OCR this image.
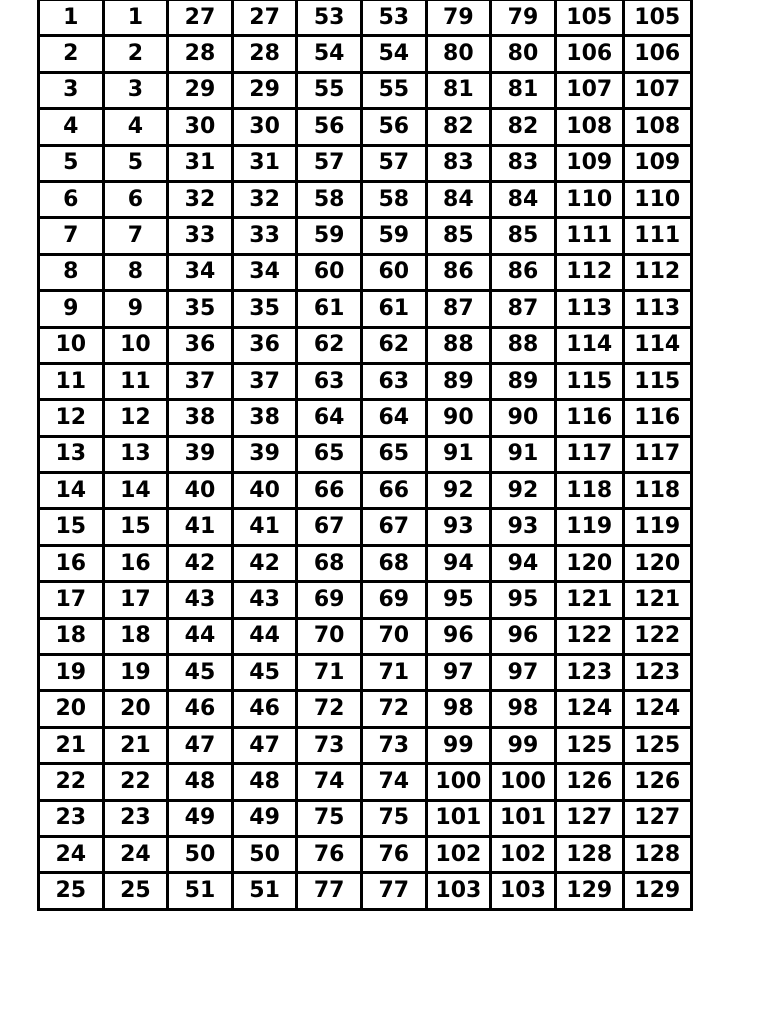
1	1	27	27	53	53	79	79	105	105
2	2	28	28	54	54	80	80	106	106
3	3	29	29	55	55	81	81	107	107
4	4	30	30	56	56	82	82	108	108
5	5	31	31	57	57	83	83	109	109
6	6	32	32	58	58	84	84	110	110
7	7	33	33	59	59	85	85	111	111
8	8	34	34	60	60	86	86	112	112
9	9	35	35	61	61	87	87	113	113
10	10	36	36	62	62	88	88	114	114
11	11	37	37	63	63	89	89	115	115
12	12	38	38	64	64	90	90	116	116
13	13	39	39	65	65	91	91	117	117
14	14	40	40	66	66	92	92	118	118
15	15	41	41	67	67	93	93	119	119
16	16	42	42	68	68	94	94	120	120
17	17	43	43	69	69	95	95	121	121
18	18	44	44	70	70	96	96	122	122
19	19	45	45	71	71	97	97	123	123
20	20	46	46	72	72	98	98	124	124
21	21	47	47	73	73	99	99	125	125
22	22	48	48	74	74	100	100	126	126
23	23	49	49	75	75	101	101	127	127
24	24	50	50	76	76	102	102	128	128
25	25	51	51	77	77	103	103	129	129
